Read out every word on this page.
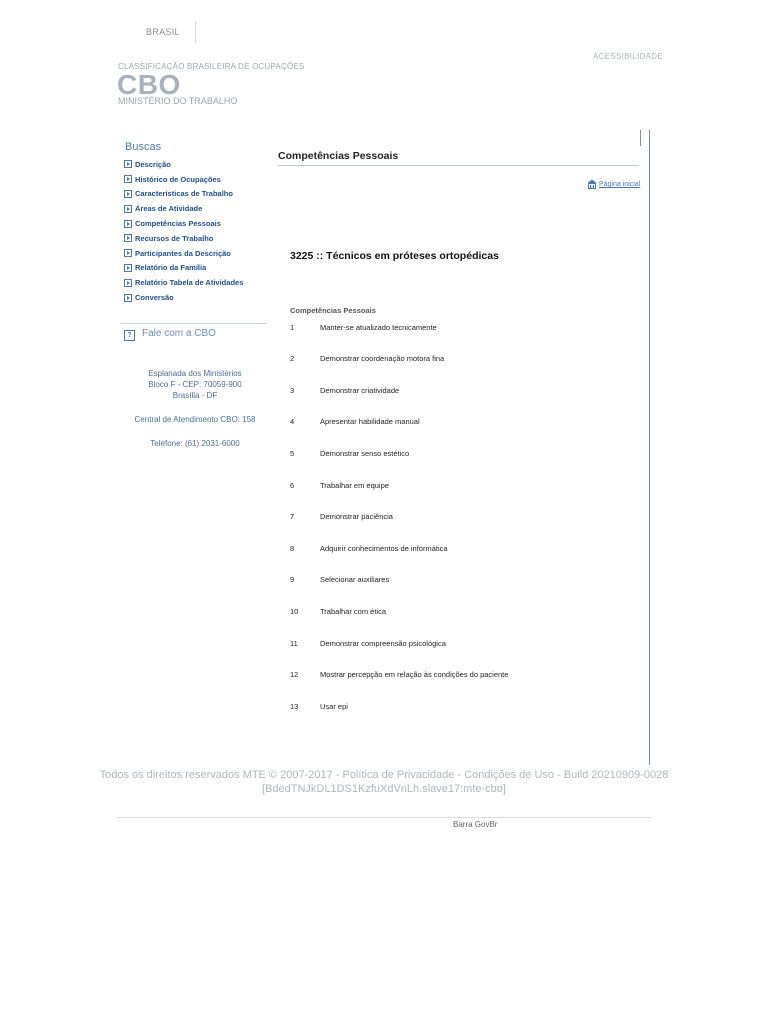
BRASIL
ACESSIBILIDADE
CLASSIFICAÇÃO BRASILEIRA DE OCUPAÇÕES
CBO
MINISTÉRIO DO TRABALHO
Buscas
Descrição
Histórico de Ocupações
Características de Trabalho
Áreas de Atividade
Competências Pessoais
Recursos de Trabalho
Participantes da Descrição
Relatório da Família
Relatório Tabela de Atividades
Conversão
?	Fale com a CBO
Esplanada dos Ministérios
Bloco F - CEP: 70059-900
Brasília - DF
Central de Atendimento CBO: 158
Telefone: (61) 2031-6000
Competências Pessoais
Página inicial
3225 :: Técnicos em próteses ortopédicas
Competências Pessoais
1	Manter-se atualizado tecnicamente
2	Demonstrar coordenação motora fina
3	Demonstrar criatividade
4	Apresentar habilidade manual
5	Demonstrar senso estético
6	Trabalhar em equipe
7	Demonstrar paciência
8	Adquirir conhecimentos de informática
9	Selecionar auxiliares
10	Trabalhar com ética
11	Demonstrar compreensão psicológica
12	Mostrar percepção em relação às condições do paciente
13	Usar epi
Todos os direitos reservados MTE © 2007-2017 - Política de Privacidade - Condições de Uso - Build 20210909-0028
[BdedTNJkDL1DS1KzfuXdVnLh.slave17:mte-cbo]
Barra GovBr
